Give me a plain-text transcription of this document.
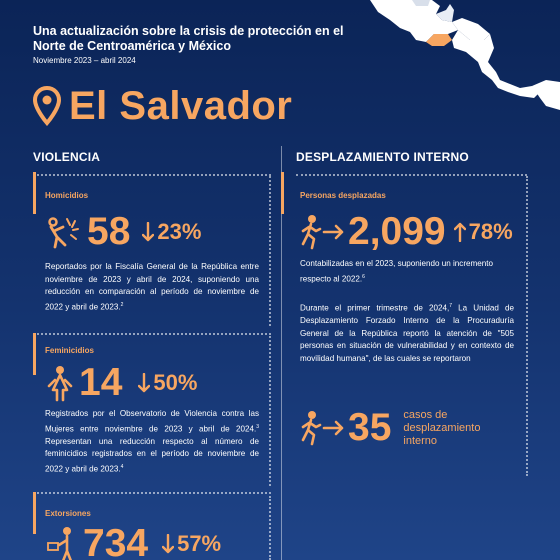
Una actualización sobre la crisis de protección en el Norte de Centroamérica y México
Noviembre 2023 – abril 2024
El Salvador
VIOLENCIA	DESPLAZAMIENTO INTERNO
Homicidios
58 23%

Reportados por la Fiscalía General de la República entre noviembre de 2023 y abril de 2024, suponiendo una reducción en comparación al período de noviembre de 2022 y abril de 2023.$^2$

Feminicidios
14 50%

Registrados por el Observatorio de Violencia contra las Mujeres entre noviembre de 2023 y abril de 2024.$^3$ Representan una reducción respecto al número de feminicidios registrados en el período de noviembre de 2022 y abril de 2023.$^4$

Extorsiones
734 57%
Personas desplazadas
2,099 78%

Contabilizadas en el 2023, suponiendo un incremento respecto al 2022.$^6$

Durante el primer trimestre de 2024,$^7$ La Unidad de Desplazamiento Forzado Interno de la Procuraduría General de la República reportó la atención de "505 personas en situación de vulnerabilidad y en contexto de movilidad humana", de las cuales se reportaron

35 casos de desplazamiento interno
